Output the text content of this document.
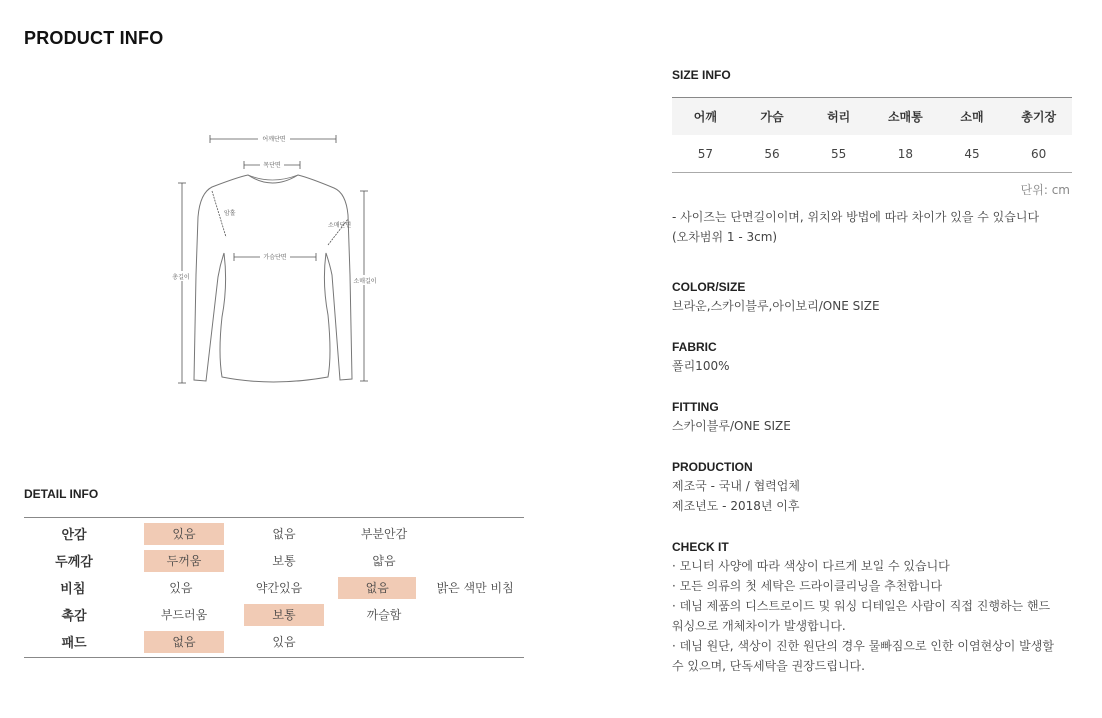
PRODUCT INFO
어깨단면
목단면
암홀
가슴단면
소매단면
총길이
소매길이
DETAIL INFO
안감	있음	없음	부분안감
두께감	두꺼움	보통	얇음
비침	있음	약간있음	없음	밝은 색만 비침
촉감	부드러움	보통	까슬함
패드	없음	있음
SIZE INFO
어깨	가슴	허리	소매통	소매	총기장
57	56	55	18	45	60
단위: cm
- 사이즈는 단면길이이며, 위치와 방법에 따라 차이가 있을 수 있습니다
(오차범위 1 - 3cm)
COLOR/SIZE
브라운,스카이블루,아이보리/ONE SIZE
FABRIC
폴리100%
FITTING
스카이블루/ONE SIZE
PRODUCTION
제조국 - 국내 / 협력업체
제조년도 - 2018년 이후
CHECK IT
· 모니터 사양에 따라 색상이 다르게 보일 수 있습니다
· 모든 의류의 첫 세탁은 드라이클리닝을 추천합니다
· 데님 제품의 디스트로이드 및 워싱 디테일은 사람이 직접 진행하는 핸드
워싱으로 개체차이가 발생합니다.
· 데님 원단, 색상이 진한 원단의 경우 물빠짐으로 인한 이염현상이 발생할
수 있으며, 단독세탁을 권장드립니다.
